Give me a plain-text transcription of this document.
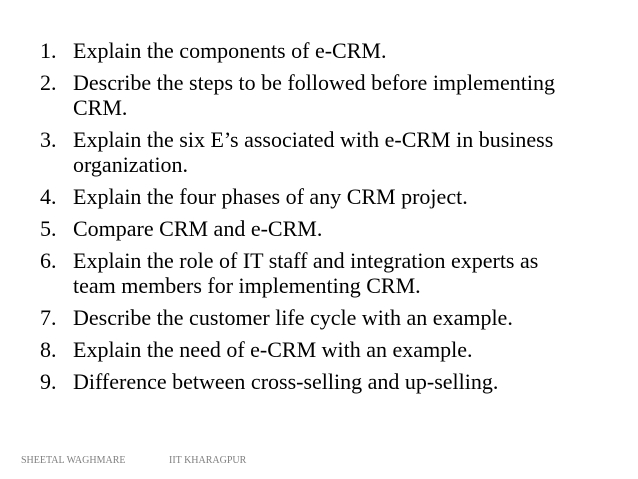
1. Explain the components of e-CRM.
2. Describe the steps to be followed before implementing
CRM.
3. Explain the six E’s associated with e-CRM in business
organization.
4. Explain the four phases of any CRM project.
5. Compare CRM and e-CRM.
6. Explain the role of IT staff and integration experts as
team members for implementing CRM.
7. Describe the customer life cycle with an example.
8. Explain the need of e-CRM with an example.
9. Difference between cross-selling and up-selling.
SHEETAL WAGHMARE	IIT KHARAGPUR
